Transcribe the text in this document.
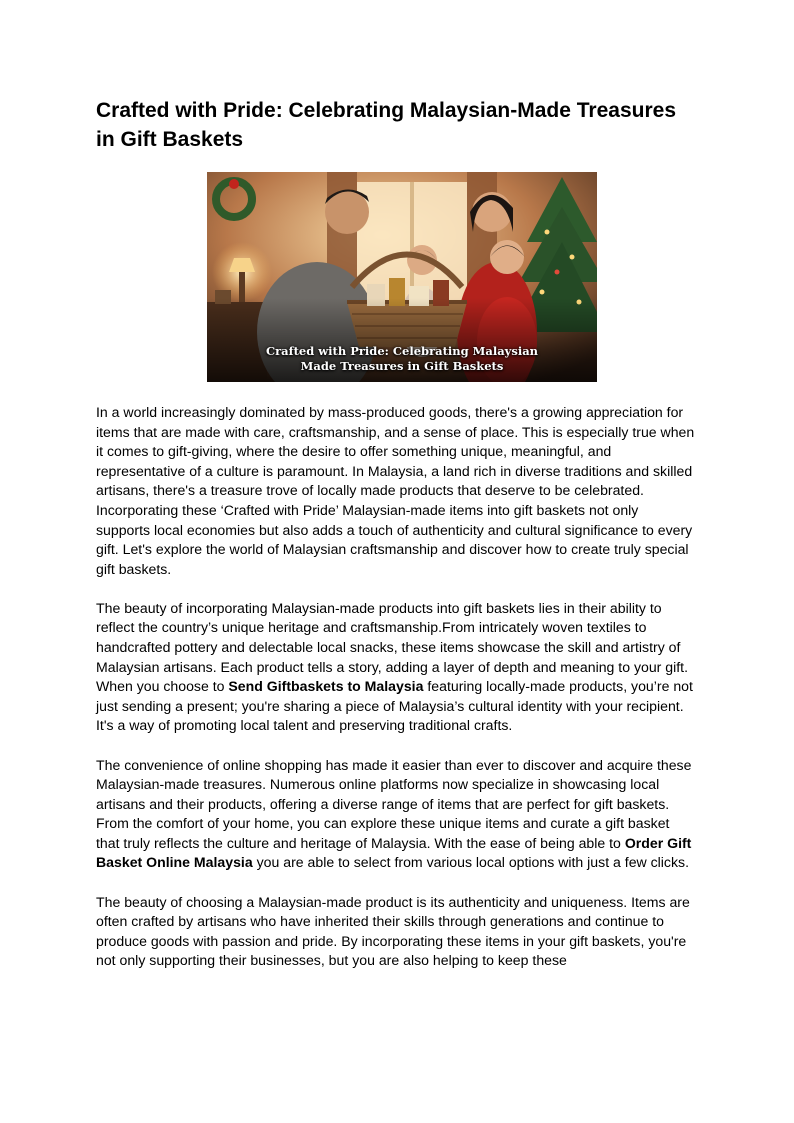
Crafted with Pride: Celebrating Malaysian-Made Treasures in Gift Baskets
Crafted with Pride: Celebrating Malaysian
Made Treasures in Gift Baskets

In a world increasingly dominated by mass-produced goods, there's a growing appreciation for items that are made with care, craftsmanship, and a sense of place. This is especially true when it comes to gift-giving, where the desire to offer something unique, meaningful, and representative of a culture is paramount. In Malaysia, a land rich in diverse traditions and skilled artisans, there's a treasure trove of locally made products that deserve to be celebrated. Incorporating these ‘Crafted with Pride’ Malaysian-made items into gift baskets not only supports local economies but also adds a touch of authenticity and cultural significance to every gift. Let's explore the world of Malaysian craftsmanship and discover how to create truly special gift baskets.

The beauty of incorporating Malaysian-made products into gift baskets lies in their ability to reflect the country’s unique heritage and craftsmanship.From intricately woven textiles to handcrafted pottery and delectable local snacks, these items showcase the skill and artistry of Malaysian artisans. Each product tells a story, adding a layer of depth and meaning to your gift. When you choose to Send Giftbaskets to Malaysia featuring locally-made products, you’re not just sending a present; you're sharing a piece of Malaysia’s cultural identity with your recipient. It's a way of promoting local talent and preserving traditional crafts.

The convenience of online shopping has made it easier than ever to discover and acquire these Malaysian-made treasures. Numerous online platforms now specialize in showcasing local artisans and their products, offering a diverse range of items that are perfect for gift baskets. From the comfort of your home, you can explore these unique items and curate a gift basket that truly reflects the culture and heritage of Malaysia. With the ease of being able to Order Gift Basket Online Malaysia you are able to select from various local options with just a few clicks.

The beauty of choosing a Malaysian-made product is its authenticity and uniqueness. Items are often crafted by artisans who have inherited their skills through generations and continue to produce goods with passion and pride. By incorporating these items in your gift baskets, you're not only supporting their businesses, but you are also helping to keep these
